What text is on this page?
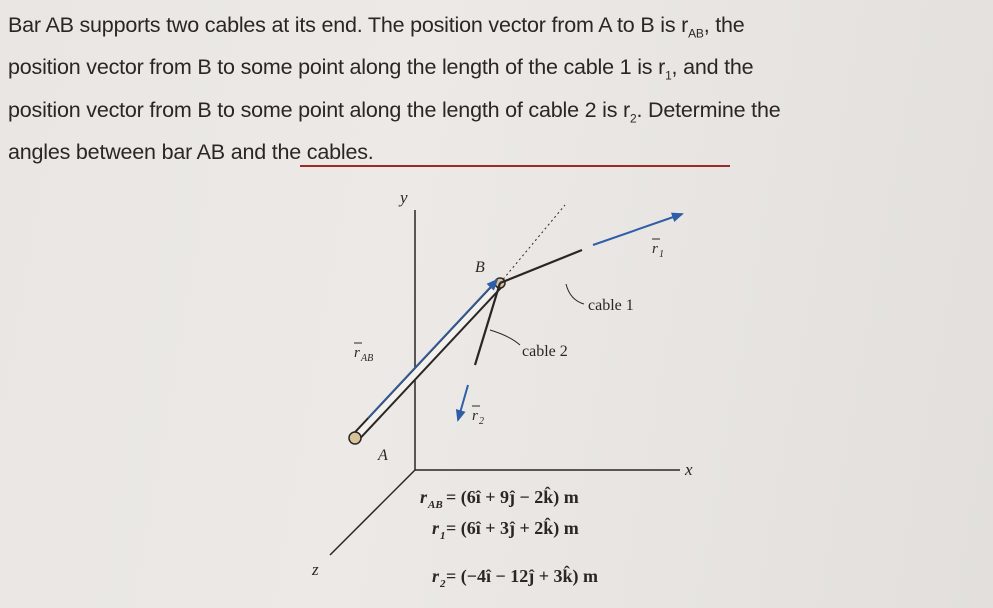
Bar AB supports two cables at its end. The position vector from A to B is $r_{AB}$, the

position vector from B to some point along the length of the cable 1 is $r_1$, and the

position vector from B to some point along the length of cable 2 is $r_2$. Determine the

angles between bar AB and the cables.

y
x
z
A
B
r AB
r 1
cable 1
r 2
cable 2
r AB = (6î + 9ĵ − 2k̂) m
r 1 = (6î + 3ĵ + 2k̂) m
r 2 = (−4î − 12ĵ + 3k̂) m
